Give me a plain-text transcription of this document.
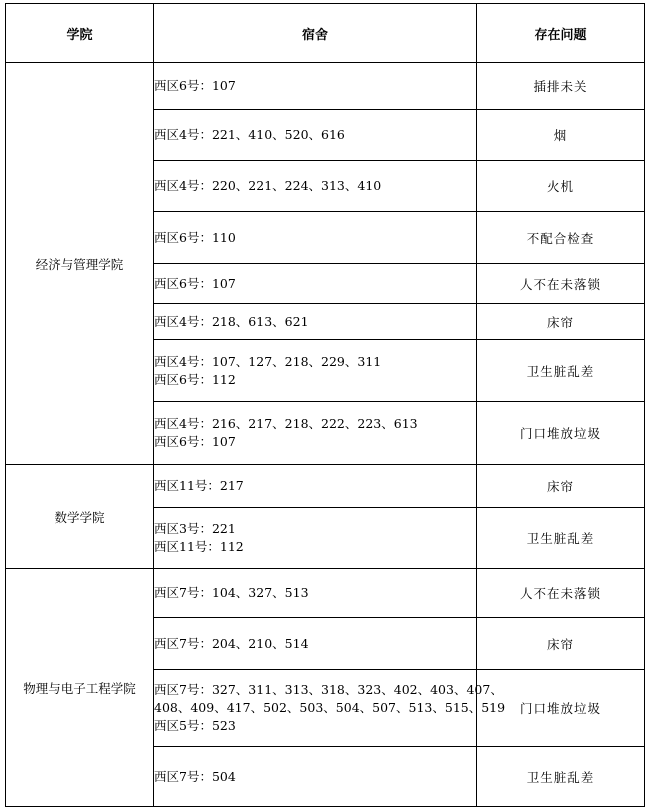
学院	宿舍	存在问题
经济与管理学院	西区6号：107	插排未关

	西区4号：221、410、520、616	烟

	西区4号：220、221、224、313、410	火机

	西区6号：110	不配合检查

	西区6号：107	人不在未落锁

	西区4号：218、613、621	床帘

	西区4号：107、127、218、229、311
西区6号：112	卫生脏乱差

	西区4号：216、217、218、222、223、613
西区6号：107	门口堆放垃圾
数学学院	西区11号：217	床帘

	西区3号：221
西区11号：112	卫生脏乱差
物理与电子工程学院	西区7号：104、327、513	人不在未落锁

	西区7号：204、210、514	床帘

	西区7号：327、311、313、318、323、402、403、407、
408、409、417、502、503、504、507、513、515、519
西区5号：523	门口堆放垃圾

	西区7号：504	卫生脏乱差
